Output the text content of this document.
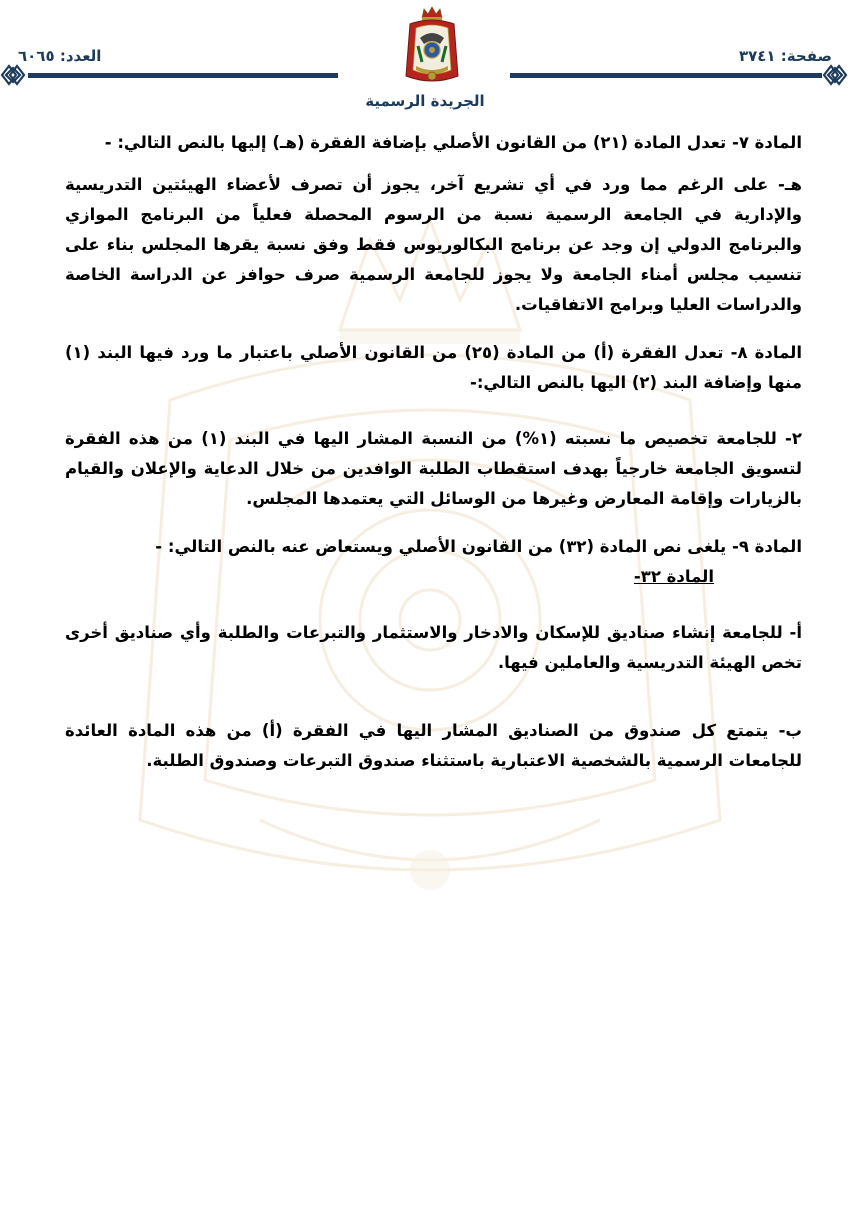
العدد: ٦٠٦٥	صفحة: ٣٧٤١
الجريدة الرسمية

المادة ٧- تعدل المادة (٢١) من القانون الأصلي بإضافة الفقرة (هـ) إليها بالنص التالي: -

هـ- على الرغم مما ورد في أي تشريع آخر، يجوز أن تصرف لأعضاء الهيئتين التدريسية والإدارية في الجامعة الرسمية نسبة من الرسوم المحصلة فعلياً من البرنامج الموازي والبرنامج الدولي إن وجد عن برنامج البكالوريوس فقط وفق نسبة يقرها المجلس بناء على تنسيب مجلس أمناء الجامعة ولا يجوز للجامعة الرسمية صرف حوافز عن الدراسة الخاصة والدراسات العليا وبرامج الاتفاقيات.

المادة ٨- تعدل الفقرة (أ) من المادة (٢٥) من القانون الأصلي باعتبار ما ورد فيها البند (١) منها وإضافة البند (٢) اليها بالنص التالي:-

٢- للجامعة تخصيص ما نسبته (١%) من النسبة المشار اليها في البند (١) من هذه الفقرة لتسويق الجامعة خارجياً بهدف استقطاب الطلبة الوافدين من خلال الدعاية والإعلان والقيام بالزيارات وإقامة المعارض وغيرها من الوسائل التي يعتمدها المجلس.

المادة ٩- يلغى نص المادة (٣٢) من القانون الأصلي ويستعاض عنه بالنص التالي: -

المادة ٣٢-

أ- للجامعة إنشاء صناديق للإسكان والادخار والاستثمار والتبرعات والطلبة وأي صناديق أخرى تخص الهيئة التدريسية والعاملين فيها.

ب- يتمتع كل صندوق من الصناديق المشار اليها في الفقرة (أ) من هذه المادة العائدة للجامعات الرسمية بالشخصية الاعتبارية باستثناء صندوق التبرعات وصندوق الطلبة.
